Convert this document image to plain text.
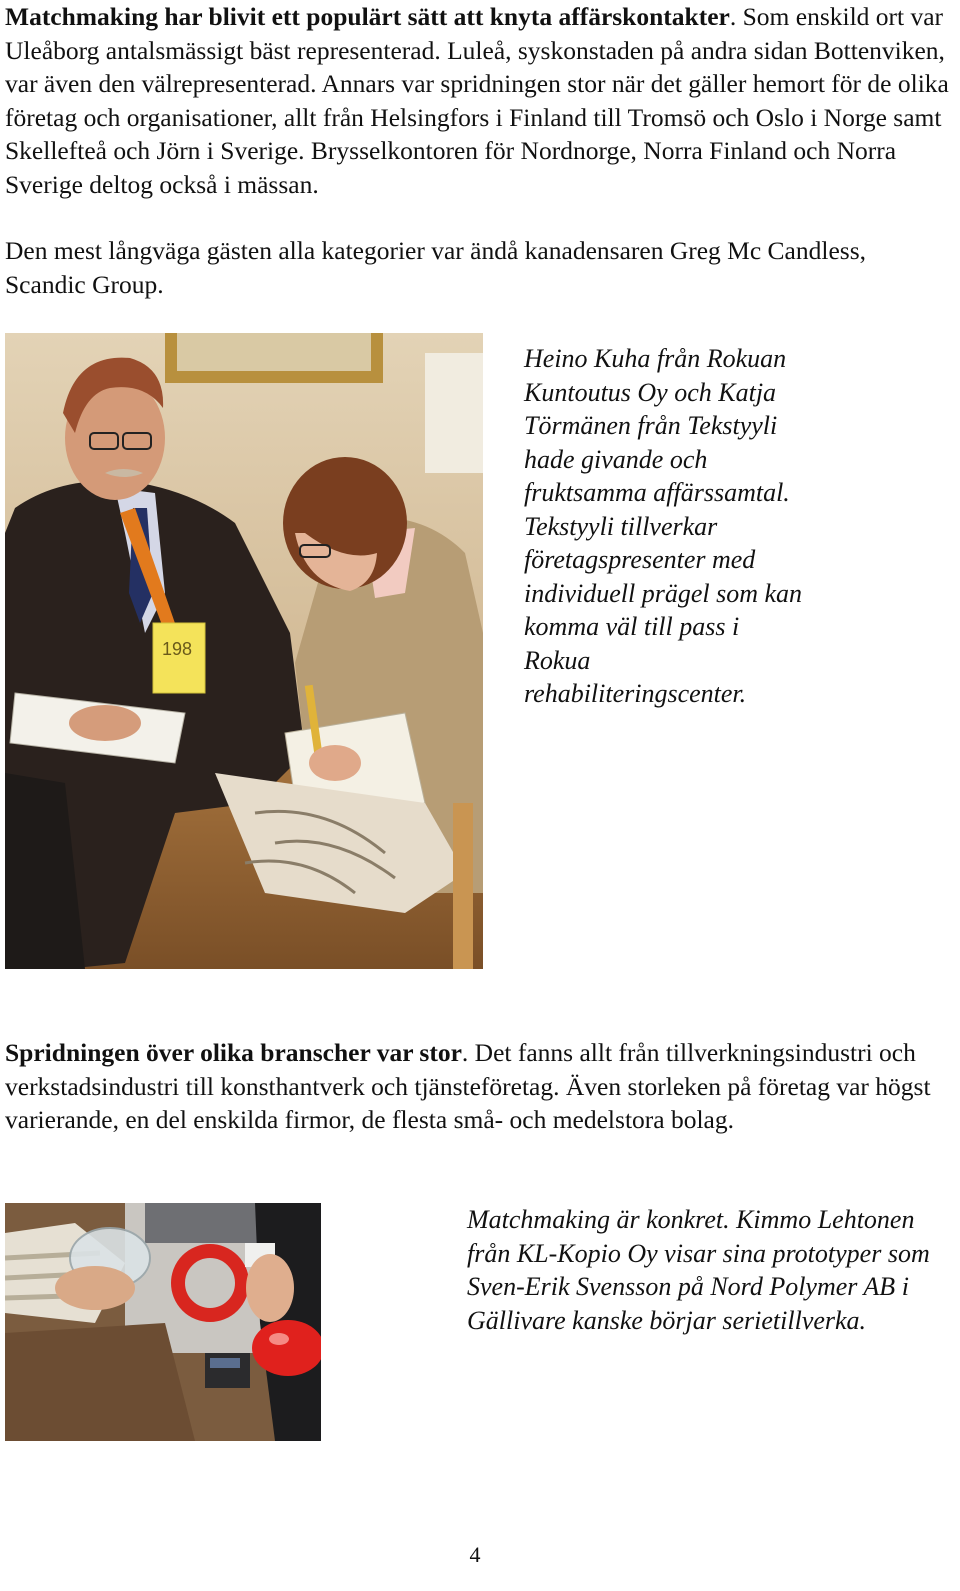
Matchmaking har blivit ett populärt sätt att knyta affärskontakter. Som enskild ort var Uleåborg antalsmässigt bäst representerad. Luleå, syskonstaden på andra sidan Bottenviken, var även den välrepresenterad. Annars var spridningen stor när det gäller hemort för de olika företag och organisationer, allt från Helsingfors i Finland till Tromsö och Oslo i Norge samt Skellefteå och Jörn i Sverige. Brysselkontoren för Nordnorge, Norra Finland och Norra Sverige deltog också i mässan.

Den mest långväga gästen alla kategorier var ändå kanadensaren Greg Mc Candless, Scandic Group.

198

Heino Kuha från Rokuan Kuntoutus Oy och Katja Törmänen från Tekstyyli hade givande och fruktsamma affärssamtal. Tekstyyli tillverkar företagspresenter med individuell prägel som kan komma väl till pass i Rokua rehabiliteringscenter.

Spridningen över olika branscher var stor. Det fanns allt från tillverkningsindustri och verkstadsindustri till konsthantverk och tjänsteföretag. Även storleken på företag var högst varierande, en del enskilda firmor, de flesta små- och medelstora bolag.

Matchmaking är konkret. Kimmo Lehtonen från KL-Kopio Oy visar sina prototyper som Sven-Erik Svensson på Nord Polymer AB i Gällivare kanske börjar serietillverka.

4
